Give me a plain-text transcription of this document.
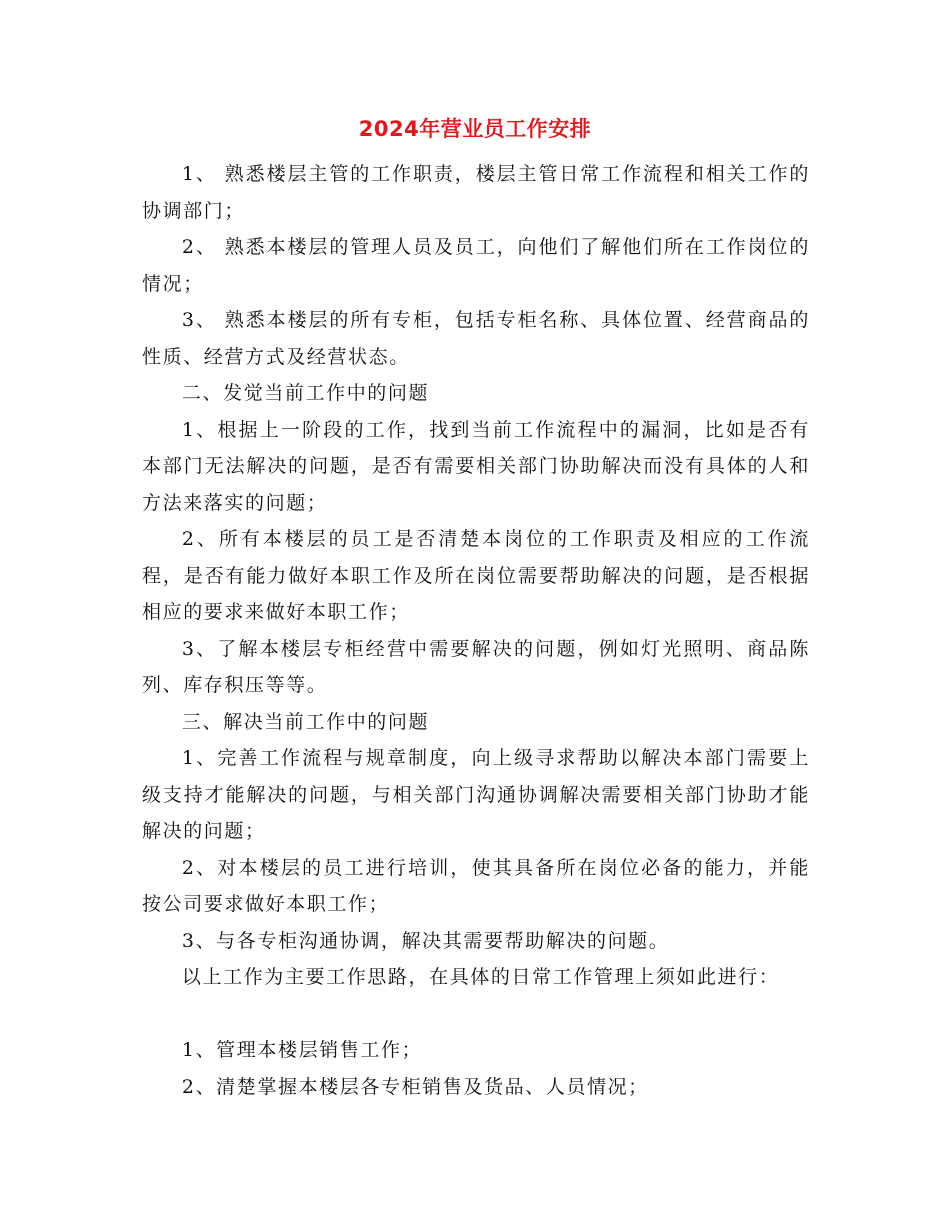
2024年营业员工作安排

1、 熟悉楼层主管的工作职责，楼层主管日常工作流程和相关工作的协调部门；

2、 熟悉本楼层的管理人员及员工，向他们了解他们所在工作岗位的情况；

3、 熟悉本楼层的所有专柜，包括专柜名称、具体位置、经营商品的性质、经营方式及经营状态。

二、发觉当前工作中的问题

1、根据上一阶段的工作，找到当前工作流程中的漏洞，比如是否有本部门无法解决的问题，是否有需要相关部门协助解决而没有具体的人和方法来落实的问题；

2、所有本楼层的员工是否清楚本岗位的工作职责及相应的工作流程，是否有能力做好本职工作及所在岗位需要帮助解决的问题，是否根据相应的要求来做好本职工作；

3、了解本楼层专柜经营中需要解决的问题，例如灯光照明、商品陈列、库存积压等等。

三、解决当前工作中的问题

1、完善工作流程与规章制度，向上级寻求帮助以解决本部门需要上级支持才能解决的问题，与相关部门沟通协调解决需要相关部门协助才能解决的问题；

2、对本楼层的员工进行培训，使其具备所在岗位必备的能力，并能按公司要求做好本职工作；

3、与各专柜沟通协调，解决其需要帮助解决的问题。

以上工作为主要工作思路，在具体的日常工作管理上须如此进行：

1、管理本楼层销售工作；

2、清楚掌握本楼层各专柜销售及货品、人员情况；
